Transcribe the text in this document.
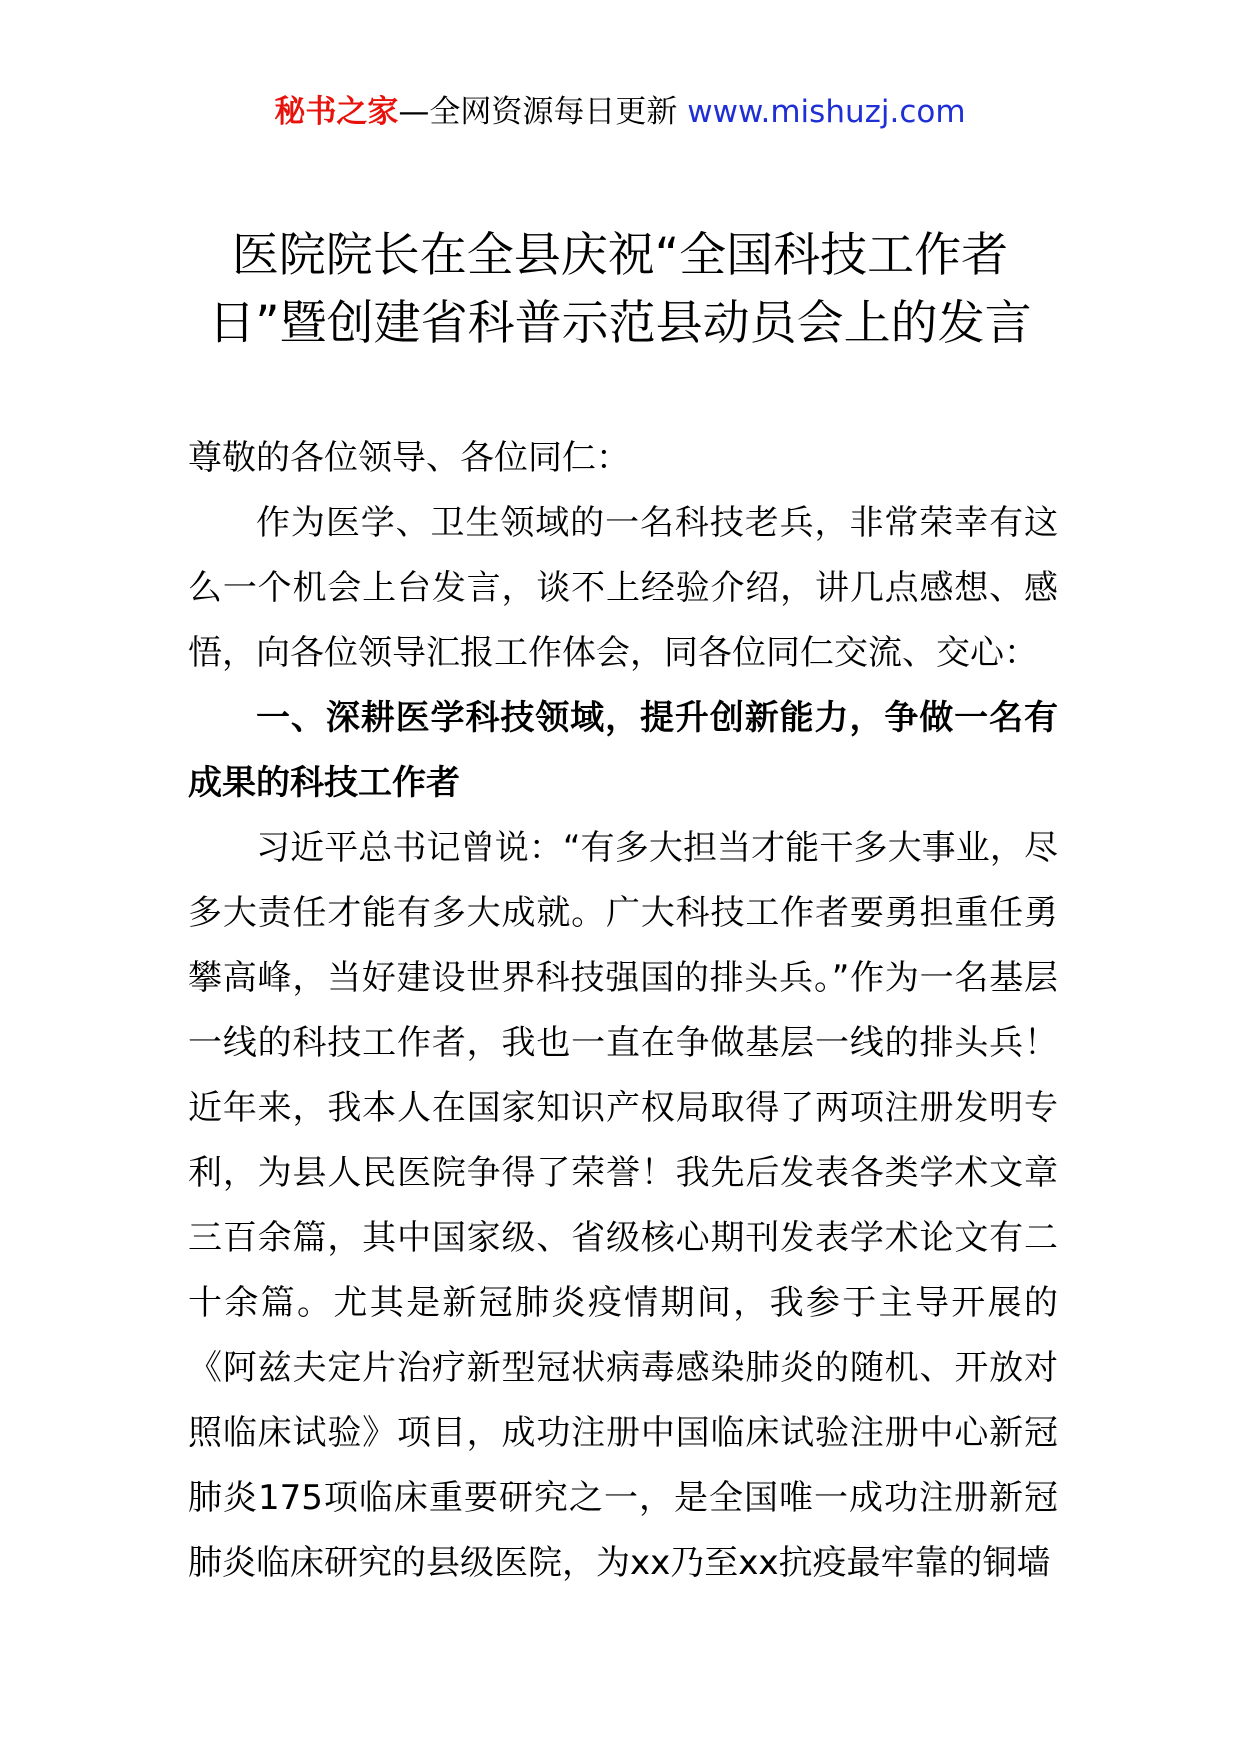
秘书之家—全网资源每日更新 www.mishuzj.com
医院院长在全县庆祝“全国科技工作者
日”暨创建省科普示范县动员会上的发言

尊敬的各位领导、各位同仁：

作为医学、卫生领域的一名科技老兵，非常荣幸有这么一个机会上台发言，谈不上经验介绍，讲几点感想、感悟，向各位领导汇报工作体会，同各位同仁交流、交心：

一、深耕医学科技领域，提升创新能力，争做一名有成果的科技工作者

习近平总书记曾说：“有多大担当才能干多大事业，尽多大责任才能有多大成就。广大科技工作者要勇担重任勇攀高峰，当好建设世界科技强国的排头兵。”作为一名基层一线的科技工作者，我也一直在争做基层一线的排头兵！近年来，我本人在国家知识产权局取得了两项注册发明专利，为县人民医院争得了荣誉！我先后发表各类学术文章三百余篇，其中国家级、省级核心期刊发表学术论文有二十余篇。尤其是新冠肺炎疫情期间，我参于主导开展的《阿兹夫定片治疗新型冠状病毒感染肺炎的随机、开放对照临床试验》项目，成功注册中国临床试验注册中心新冠肺炎175项临床重要研究之一，是全国唯一成功注册新冠肺炎临床研究的县级医院，为xx乃至xx抗疫最牢靠的铜墙
